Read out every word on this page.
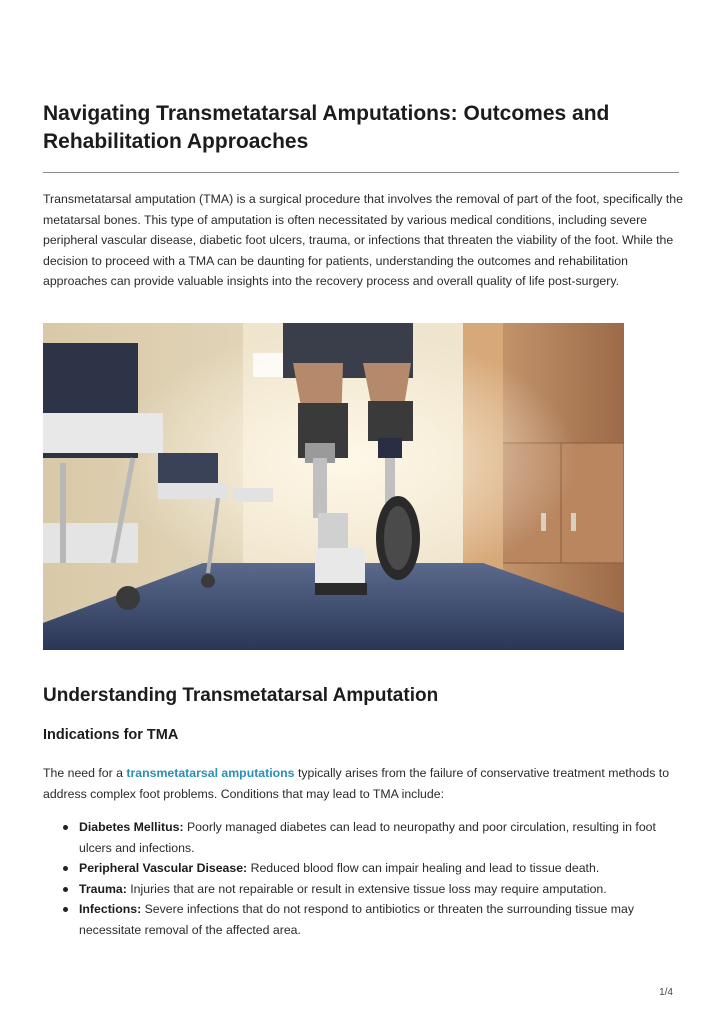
Navigating Transmetatarsal Amputations: Outcomes and
Rehabilitation Approaches

Transmetatarsal amputation (TMA) is a surgical procedure that involves the removal of part of the foot, specifically the metatarsal bones. This type of amputation is often necessitated by various medical conditions, including severe peripheral vascular disease, diabetic foot ulcers, trauma, or infections that threaten the viability of the foot. While the decision to proceed with a TMA can be daunting for patients, understanding the outcomes and rehabilitation approaches can provide valuable insights into the recovery process and overall quality of life post-surgery.

Understanding Transmetatarsal Amputation
Indications for TMA

The need for a transmetatarsal amputations typically arises from the failure of conservative treatment methods to address complex foot problems. Conditions that may lead to TMA include:

Diabetes Mellitus: Poorly managed diabetes can lead to neuropathy and poor circulation, resulting in foot ulcers and infections.
Peripheral Vascular Disease: Reduced blood flow can impair healing and lead to tissue death.
Trauma: Injuries that are not repairable or result in extensive tissue loss may require amputation.
Infections: Severe infections that do not respond to antibiotics or threaten the surrounding tissue may necessitate removal of the affected area.
1/4
